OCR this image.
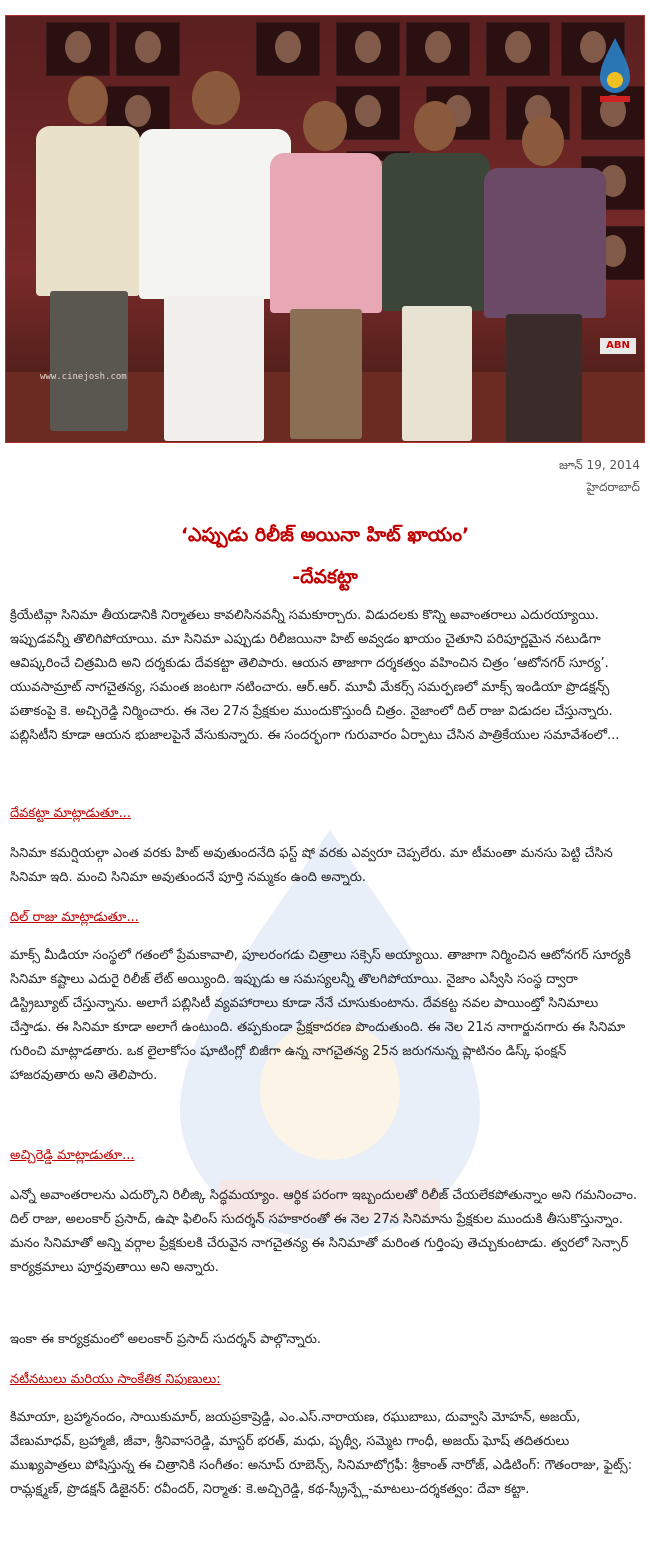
ABN
www.cinejosh.com
జూన్ 19, 2014
హైదరాబాద్
‘ఎప్పుడు రిలీజ్ అయినా హిట్ ఖాయం’
-దేవకట్టా

క్రియేటివ్గా సినిమా తీయడానికి నిర్మాతలు కావలిసినవన్నీ సమకూర్చారు. విడుదలకు కొన్ని అవాంతరాలు ఎదురయ్యాయి. ఇప్పుడవన్నీ తొలిగిపోయాయి. మా సినిమా ఎప్పుడు రిలీజయినా హిట్ అవ్వడం ఖాయం చైతూని పరిపూర్ణమైన నటుడిగా ఆవిష్కరించే చిత్రమిది అని దర్శకుడు దేవకట్టా తెలిపారు. ఆయన తాజాగా దర్శకత్వం వహించిన చిత్రం ‘ఆటోనగర్ సూర్య’. యువసామ్రాట్ నాగచైతన్య, సమంత జంటగా నటించారు. ఆర్.ఆర్. మూవీ మేకర్స్ సమర్పణలో మాక్స్ ఇండియా ప్రొడక్షన్స్ పతాకంపై కె. అచ్చిరెడ్డి నిర్మించారు. ఈ నెల 27న ప్రేక్షకుల ముందుకొస్తుందీ చిత్రం. నైజాంలో దిల్ రాజు విడుదల చేస్తున్నారు. పబ్లిసిటీని కూడా ఆయన భుజాలపైనే వేసుకున్నారు. ఈ సందర్భంగా గురువారం ఏర్పాటు చేసిన పాత్రికేయుల సమావేశంలో...

దేవకట్టా మాట్లాడుతూ...

సినిమా కమర్షియల్గా ఎంత వరకు హిట్ అవుతుందనేది ఫస్ట్ షో వరకు ఎవ్వరూ చెప్పలేరు. మా టీమంతా మనసు పెట్టి చేసిన సినిమా ఇది. మంచి సినిమా అవుతుందనే పూర్తి నమ్మకం ఉంది అన్నారు.

దిల్ రాజు మాట్లాడుతూ...

మాక్స్ మీడియా సంస్థలో గతంలో ప్రేమకావాలి, పూలరంగడు చిత్రాలు సక్సెస్ అయ్యాయి. తాజాగా నిర్మించిన ఆటోనగర్ సూర్యకి సినిమా కష్టాలు ఎదురై రిలీజ్ లేట్ అయ్యింది. ఇప్పుడు ఆ సమస్యలన్నీ తొలగిపోయాయి. నైజాం ఎస్వీసి సంస్థ ద్వారా డిస్ట్రిబ్యూట్ చేస్తున్నాను. అలాగే పబ్లిసిటీ వ్యవహారాలు కూడా నేనే చూసుకుంటాను. దేవకట్ట నవల పాయింట్తో సినిమాలు చేస్తాడు. ఈ సినిమా కూడా అలాగే ఉంటుంది. తప్పకుండా ప్రేక్షకాదరణ పొందుతుంది. ఈ నెల 21న నాగార్జునగారు ఈ సినిమా గురించి మాట్లాడతారు. ఒక లైలాకోసం షూటింగ్లో బిజీగా ఉన్న నాగచైతన్య 25న జరుగనున్న ప్లాటినం డిస్క్ ఫంక్షన్ హాజరవుతారు అని తెలిపారు.

అచ్చిరెడ్డి మాట్లాడుతూ...

ఎన్నో అవాంతరాలను ఎదుర్కొని రిలీజ్కి సిద్ధమయ్యాం. ఆర్థిక పరంగా ఇబ్బందులతో రిలీజ్ చేయలేకపోతున్నాం అని గమనించాం. దిల్ రాజు, అలంకార్ ప్రసాద్, ఉషా ఫిలింస్ సుదర్శన్ సహకారంతో ఈ నెల 27న సినిమాను ప్రేక్షకుల ముందుకి తీసుకొస్తున్నాం. మనం సినిమాతో అన్ని వర్గాల ప్రేక్షకులకి చేరువైన నాగచైతన్య ఈ సినిమాతో మరింత గుర్తింపు తెచ్చుకుంటాడు. త్వరలో సెన్సార్ కార్యక్రమాలు పూర్తవుతాయి అని అన్నారు.

ఇంకా ఈ కార్యక్రమంలో అలంకార్ ప్రసాద్ సుదర్శన్ పాల్గొన్నారు.

నటీనటులు మరియు సాంకేతిక నిపుణులు:

కిమాయా, బ్రహ్మానందం, సాయికుమార్, జయప్రకాష్రెడ్డి, ఎం.ఎస్.నారాయణ, రఘుబాబు, దువ్వాసి మోహన్, అజయ్, వేణుమాధవ్, బ్రహ్మాజీ, జీవా, శ్రీనివాసరెడ్డి, మాస్టర్ భరత్, మధు, పృథ్వీ, సమ్మెట గాంధీ, అజయ్ ఘోష్ తదితరులు ముఖ్యపాత్రలు పోషిస్తున్న ఈ చిత్రానికి సంగీతం: అనూప్ రూబెన్స్, సినిమాటోగ్రఫీ: శ్రీకాంత్ నారోజ్, ఎడిటింగ్: గౌతంరాజు, ఫైట్స్: రామ్లక్ష్మణ్, ప్రొడక్షన్ డిజైనర్: రవీందర్, నిర్మాత: కె.అచ్చిరెడ్డి, కథ-స్క్రీన్ప్లే-మాటలు-దర్శకత్వం: దేవా కట్టా.
